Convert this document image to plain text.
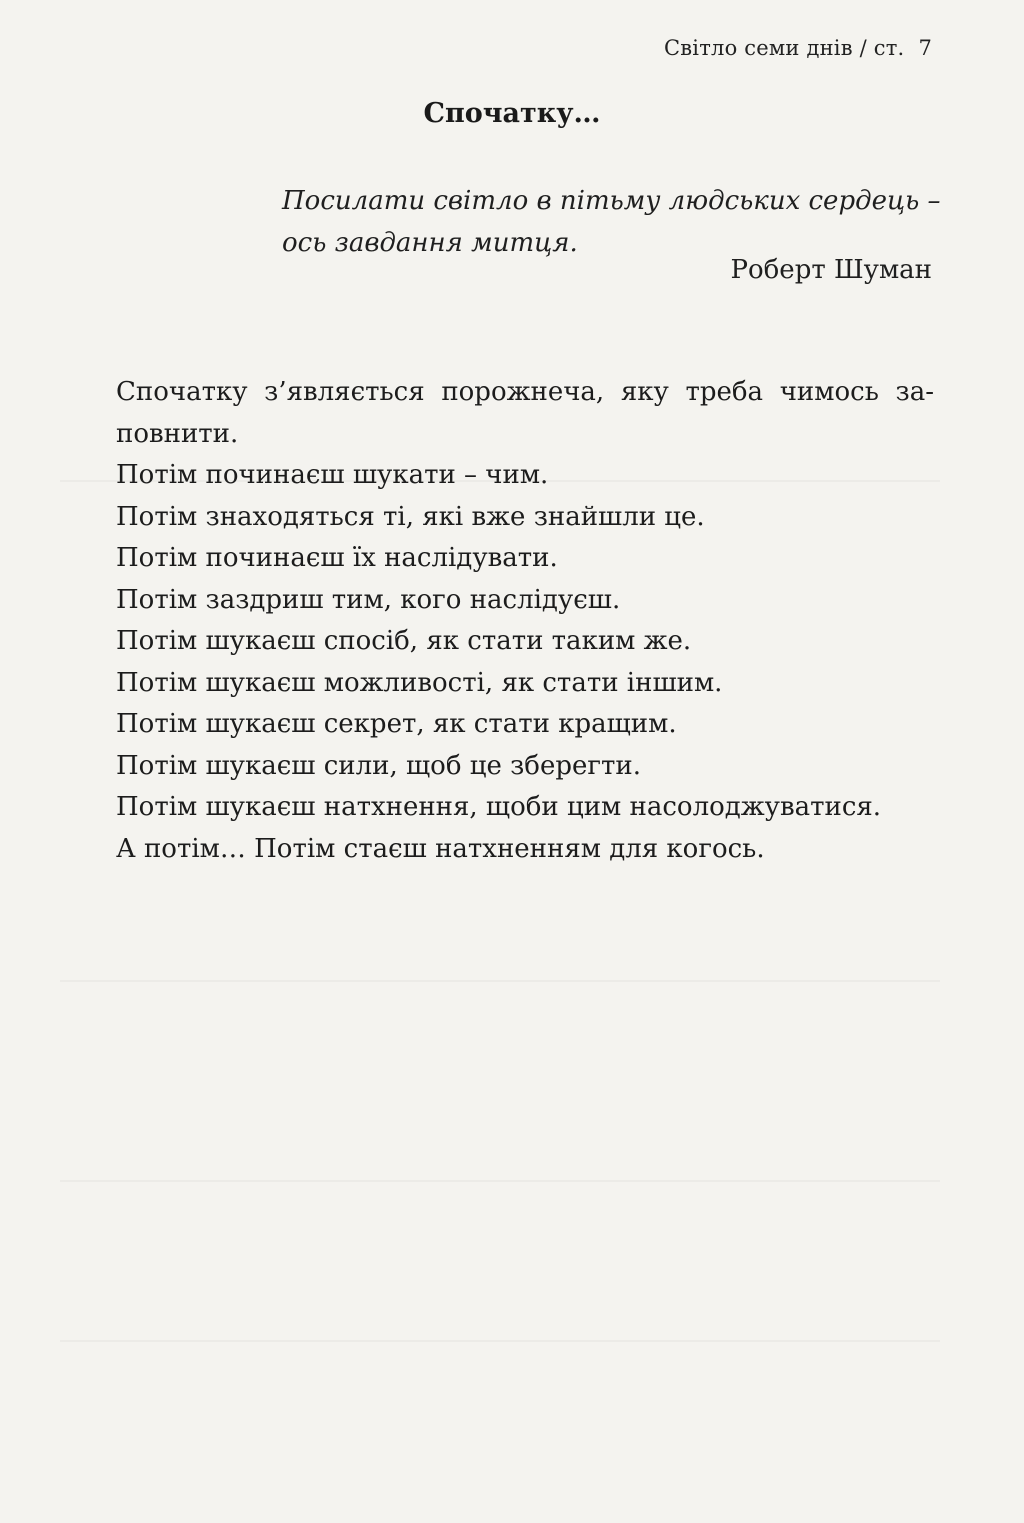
Світло семи днів / ст. 7
Спочатку…
Посилати світло в пітьму людських сердець –
ось завдання митця.
Роберт Шуман
Спочатку з’являється порожнеча, яку треба чимось за-
повнити.
Потім починаєш шукати – чим.
Потім знаходяться ті, які вже знайшли це.
Потім починаєш їх наслідувати.
Потім заздриш тим, кого наслідуєш.
Потім шукаєш спосіб, як стати таким же.
Потім шукаєш можливості, як стати іншим.
Потім шукаєш секрет, як стати кращим.
Потім шукаєш сили, щоб це зберегти.
Потім шукаєш натхнення, щоби цим насолоджуватися.
А потім… Потім стаєш натхненням для когось.
